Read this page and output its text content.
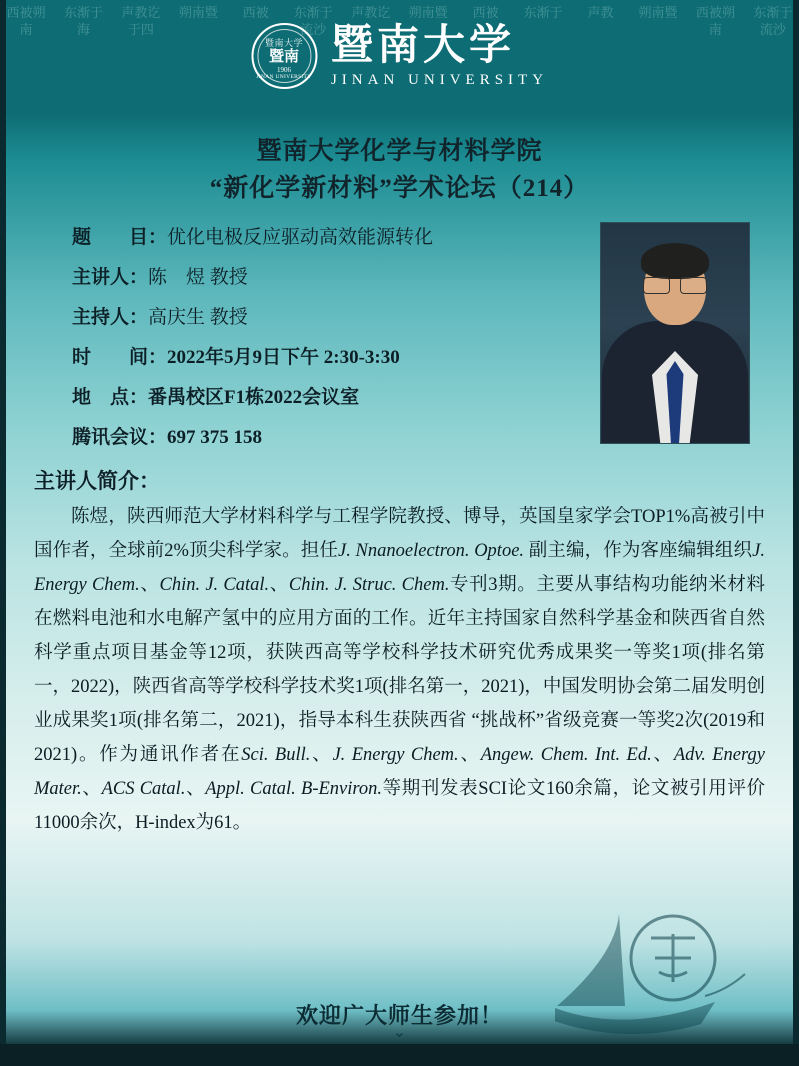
西被朔南
东渐于海
声教讫于四
朔南暨	西被	东渐于流沙
声教讫 朔南暨	西被	东渐于	声教	朔南暨 西被朔南
东渐于流沙
暨南大学
暨南
1906
JINAN UNIVERSITY
暨南大学
JINAN UNIVERSITY
暨南大学化学与材料学院
“新化学新材料”学术论坛（214）
题　　目：优化电极反应驱动高效能源转化
主讲人：陈　煜 教授
主持人：高庆生 教授
时　　间：2022年5月9日下午 2:30-3:30
地　点：番禺校区F1栋2022会议室
腾讯会议：697 375 158
主讲人简介：
陈煜，陕西师范大学材料科学与工程学院教授、博导，英国皇家学会TOP1%高被引中国作者，全球前2%顶尖科学家。担任J. Nnanoelectron. Optoe. 副主编，作为客座编辑组织J. Energy Chem.、Chin. J. Catal.、Chin. J. Struc. Chem.专刊3期。主要从事结构功能纳米材料在燃料电池和水电解产氢中的应用方面的工作。近年主持国家自然科学基金和陕西省自然科学重点项目基金等12项，获陕西高等学校科学技术研究优秀成果奖一等奖1项(排名第一，2022)，陕西省高等学校科学技术奖1项(排名第一，2021)，中国发明协会第二届发明创业成果奖1项(排名第二，2021)，指导本科生获陕西省 “挑战杯”省级竞赛一等奖2次(2019和2021)。作为通讯作者在Sci. Bull.、J. Energy Chem.、Angew. Chem. Int. Ed.、Adv. Energy Mater.、ACS Catal.、Appl. Catal. B-Environ.等期刊发表SCI论文160余篇，论文被引用评价11000余次，H-index为61。
欢迎广大师生参加！
⌄
